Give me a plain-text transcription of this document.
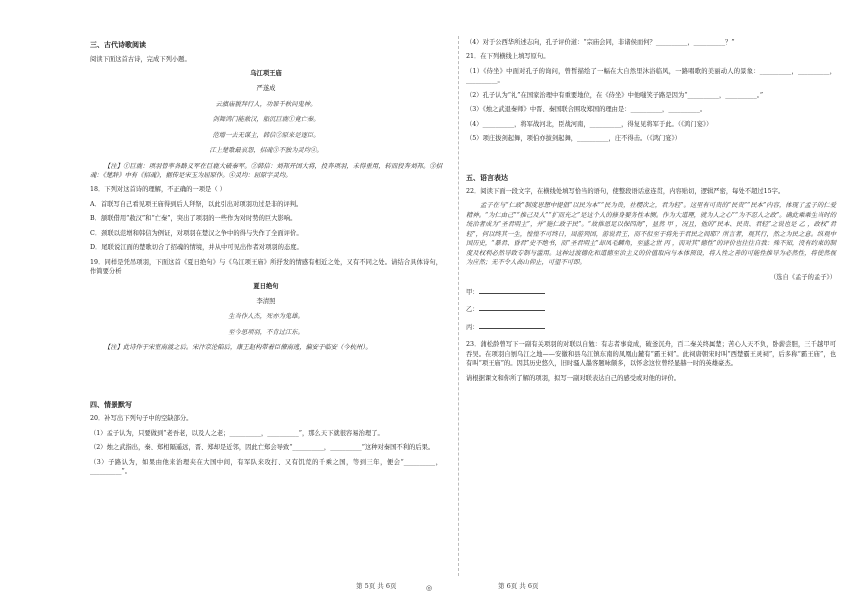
三、古代诗歌阅读
阅读下面这首古诗，完成下列小题。
乌江项王庙
严遂成
云旗庙貌拜行人，功罪千秋问鬼神。
剑舞鸿门能赦汉，船沉巨鹿①竟亡秦。
范增一去无谋主，韩信②原来是逐臣。
江上楚歌最哀怨，招魂③不独为灵均④。
【注】①巨鹿：项羽曾率各路义军在巨鹿大破秦军。②韩信：刘邦开国大将，投奔项羽，未得重用，转而投奔刘邦。③招魂：《楚辞》中有《招魂》，据传是宋玉为屈原作。④灵均：屈原字灵均。
18．下列对这首诗的理解，不正确的一项是（ ）
A．首联写自己看见项王庙得到后人拜祭，以此引出对项羽功过是非的评判。
B．颔联借用“赦汉”和“亡秦”，突出了项羽的一些作为对时势的巨大影响。
C．颈联以范增和韩信为例证，对项羽在楚汉之争中的得与失作了全面评价。
D．尾联说江面的楚歌切合了招魂的情境，并从中可见出作者对项羽的态度。
19．同样是凭吊项羽，下面这首《夏日绝句》与《乌江项王庙》所抒发的情感有相近之处，又有不同之处。请结合具体诗句，作简要分析
夏日绝句
李清照
生当作人杰，死亦为鬼雄。
至今思项羽，不肯过江东。
【注】此诗作于宋室南渡之后。宋汴京沦陷后，康王赵构带着臣僚南逃，偏安于临安（今杭州）。
四、情景默写
20．补写出下列句子中的空缺部分。
（1）孟子认为，只要做到“老吾老，以及人之老；__________，__________”，那么天下就很容易治理了。
（2）烛之武指出，秦、郑相隔遥远，晋、郑却是近邻，因此亡郑会导致“__________，__________”这种对秦国不利的后果。
（3）子路认为，如果由他来治理夹在大国中间，有军队来攻打、又有饥荒的千乘之国，等到三年，便会“__________，__________”。
（4）对于公西华所述志向，孔子评价道：“宗庙会同，非诸侯而何？__________，__________？”
21．在下列横线上填写原句。
（1）《侍坐》中面对孔子的询问，曾皙描绘了一幅在大自然里沐浴临风，一路唱歌的美丽动人的景象：__________，__________，__________。
（2）孔子认为“礼”在国家治理中有重要地位，在《侍坐》中他嗤笑子路是因为“__________，__________。”
（3）《烛之武退秦师》中晋、秦国联合围攻郑国的理由是：__________，__________。
（4）__________，将军战河北，臣战河南，__________，得复见将军于此。（《鸿门宴》）
（5）项庄拔剑起舞，项伯亦拔剑起舞，__________，庄不得击。（《鸿门宴》）
五、语言表达
22．阅读下面一段文字，在横线处填写恰当的语句，使整段语话意连贯，内容贴切，逻辑严密，每处不超过15字。
孟子在与“仁政”制度思想中提倡“以民为本”“民为贵，社稷次之，君为轻”。这里有可贵的“民贵”“民本”内容，体现了孟子的仁爱精神。“为仁由己”“推己及人”“扩而充之”是这个人的修身要务性本恻。作为大道理，就为人之心”“为不忍人之政”。确此乘乘生当时的统治者成为“圣君明主”，并“施仁政于民”。“故推恩足以保四海”，显然 甲 ，况且，他的“民本、民贵、君轻”之说也是 乙 ，政权“君轻”，何以终其一生，惶惶不可终日，周游列国，游说君王，而不似至于将先于君民之间耶？所言者，观其行，然之为民之意。纵观中国历史，“暴君、昏君”史不绝书，而“圣君明主”却凤毛麟角，至盛之世 丙 ，而对其“德性”的评价也往往自我：殊不知，没有约束的制度及权利必然导致专制与滥用。这种过渡德化和道德至治主义的价值取向与本体预设，将人性之善的可能性推导为必然性，将使然视为应然；无不令人高山仰止，可望不可即。
（选自《孟子的孟子》）
甲：
乙：
丙：
23．蒲松龄曾写下一副有关项羽的对联以自勉：有志者事竟成，破釜沉舟，百二秦关终属楚；苦心人天不负，卧薪尝胆，三千越甲可吞吴。在项羽自刎乌江之地——安徽和县乌江镇东南的凤凰山麓有“霸王祠”。此祠唐朝宋时叫“西楚霸王灵祠”，后多称“霸王庙”，也有叫“项王庙”的。因其历史悠久，旧时骚人墨客题咏颇多，以怀念这位曾经显赫一时的英雄豪杰。
请根据课文和你所了解的项羽，拟写一副对联表达自己的感受或对他的评价。
第 5页 共 6页	◎	第 6页 共 6页
